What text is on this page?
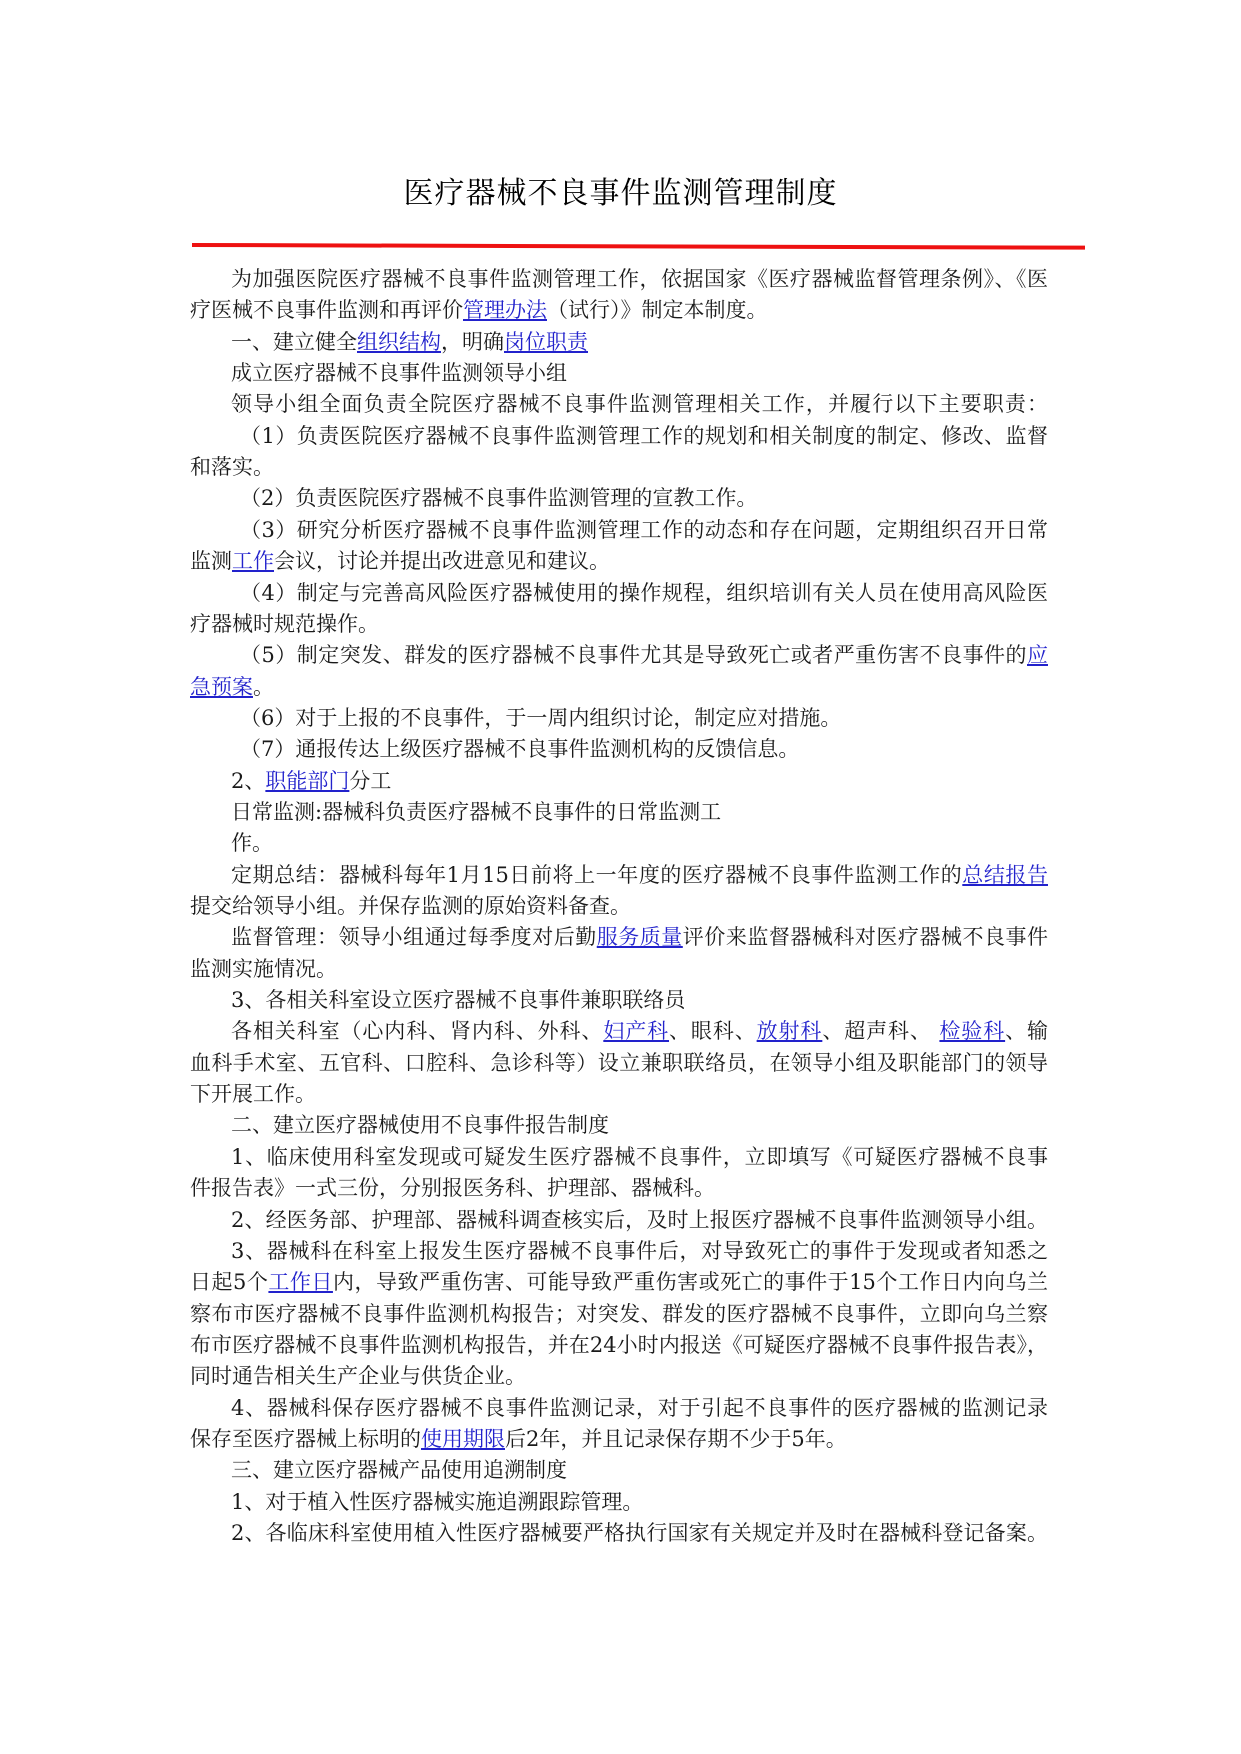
医疗器械不良事件监测管理制度
为加强医院医疗器械不良事件监测管理工作，依据国家《医疗器械监督管理条例》、《医
疗医械不良事件监测和再评价管理办法（试行）》制定本制度。
一、建立健全组织结构，明确岗位职责
成立医疗器械不良事件监测领导小组
领导小组全面负责全院医疗器械不良事件监测管理相关工作，并履行以下主要职责：
（1）负责医院医疗器械不良事件监测管理工作的规划和相关制度的制定、修改、监督
和落实。
（2）负责医院医疗器械不良事件监测管理的宣教工作。
（3）研究分析医疗器械不良事件监测管理工作的动态和存在问题，定期组织召开日常
监测工作会议，讨论并提出改进意见和建议。
（4）制定与完善高风险医疗器械使用的操作规程，组织培训有关人员在使用高风险医
疗器械时规范操作。
（5）制定突发、群发的医疗器械不良事件尤其是导致死亡或者严重伤害不良事件的应
急预案。
（6）对于上报的不良事件，于一周内组织讨论，制定应对措施。
（7）通报传达上级医疗器械不良事件监测机构的反馈信息。
2、职能部门分工
日常监测:器械科负责医疗器械不良事件的日常监测工
作。
定期总结：器械科每年1月15日前将上一年度的医疗器械不良事件监测工作的总结报告
提交给领导小组。并保存监测的原始资料备查。
监督管理：领导小组通过每季度对后勤服务质量评价来监督器械科对医疗器械不良事件
监测实施情况。
3、各相关科室设立医疗器械不良事件兼职联络员
各相关科室（心内科、肾内科、外科、妇产科、眼科、放射科、超声科、 检验科、输
血科手术室、五官科、口腔科、急诊科等）设立兼职联络员，在领导小组及职能部门的领导
下开展工作。
二、建立医疗器械使用不良事件报告制度
1、临床使用科室发现或可疑发生医疗器械不良事件，立即填写《可疑医疗器械不良事
件报告表》一式三份，分别报医务科、护理部、器械科。
2、经医务部、护理部、器械科调查核实后，及时上报医疗器械不良事件监测领导小组。
3、器械科在科室上报发生医疗器械不良事件后，对导致死亡的事件于发现或者知悉之
日起5个工作日内，导致严重伤害、可能导致严重伤害或死亡的事件于15个工作日内向乌兰
察布市医疗器械不良事件监测机构报告；对突发、群发的医疗器械不良事件，立即向乌兰察
布市医疗器械不良事件监测机构报告，并在24小时内报送《可疑医疗器械不良事件报告表》，
同时通告相关生产企业与供货企业。
4、器械科保存医疗器械不良事件监测记录，对于引起不良事件的医疗器械的监测记录
保存至医疗器械上标明的使用期限后2年，并且记录保存期不少于5年。
三、建立医疗器械产品使用追溯制度
1、对于植入性医疗器械实施追溯跟踪管理。
2、各临床科室使用植入性医疗器械要严格执行国家有关规定并及时在器械科登记备案。
